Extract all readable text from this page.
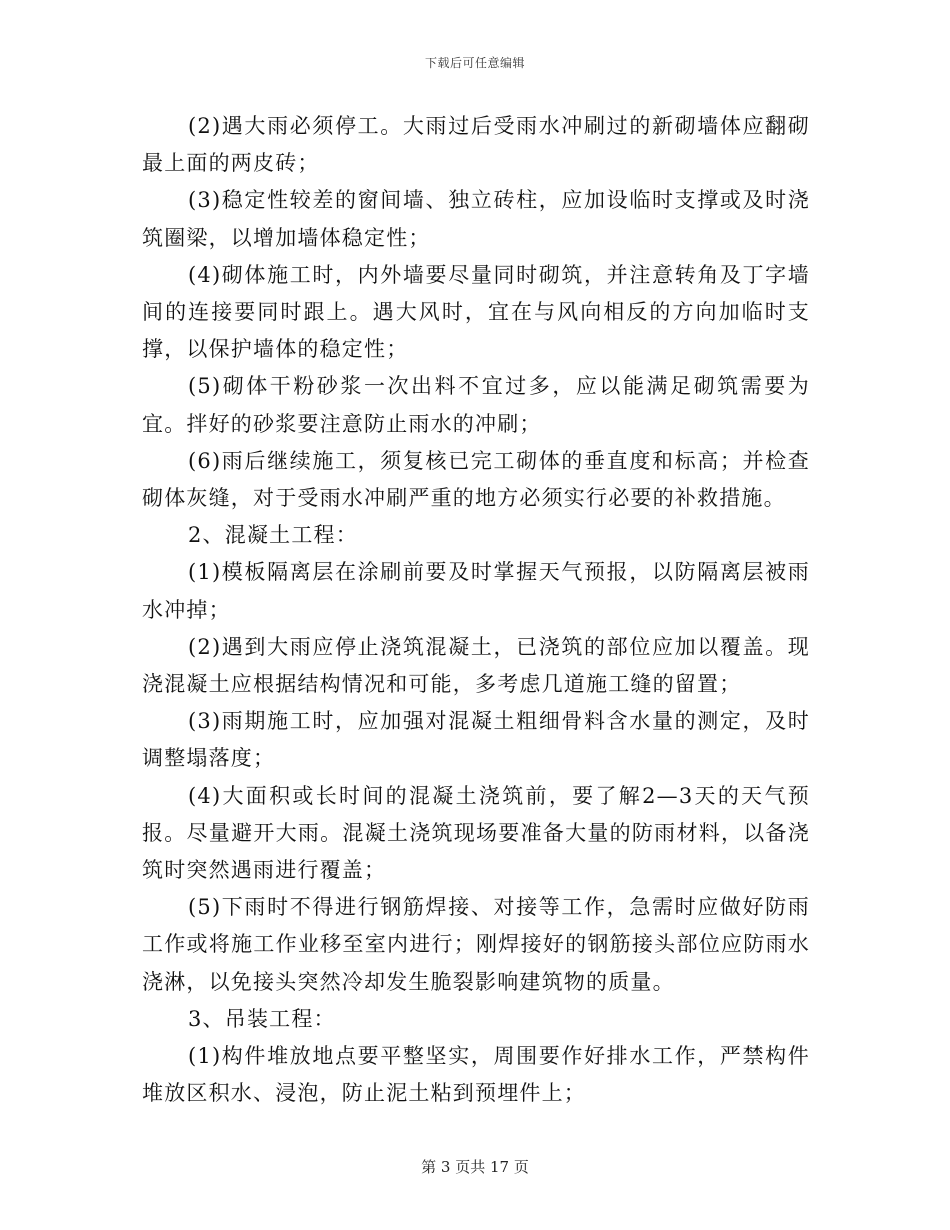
下载后可任意编辑

(2)遇大雨必须停工。大雨过后受雨水冲刷过的新砌墙体应翻砌最上面的两皮砖；

(3)稳定性较差的窗间墙、独立砖柱，应加设临时支撑或及时浇筑圈梁，以增加墙体稳定性；

(4)砌体施工时，内外墙要尽量同时砌筑，并注意转角及丁字墙间的连接要同时跟上。遇大风时，宜在与风向相反的方向加临时支撑，以保护墙体的稳定性；

(5)砌体干粉砂浆一次出料不宜过多，应以能满足砌筑需要为宜。拌好的砂浆要注意防止雨水的冲刷；

(6)雨后继续施工，须复核已完工砌体的垂直度和标高；并检查砌体灰缝，对于受雨水冲刷严重的地方必须实行必要的补救措施。

2、混凝土工程：

(1)模板隔离层在涂刷前要及时掌握天气预报，以防隔离层被雨水冲掉；

(2)遇到大雨应停止浇筑混凝土，已浇筑的部位应加以覆盖。现浇混凝土应根据结构情况和可能，多考虑几道施工缝的留置；

(3)雨期施工时，应加强对混凝土粗细骨料含水量的测定，及时调整塌落度；

(4)大面积或长时间的混凝土浇筑前，要了解2—3天的天气预报。尽量避开大雨。混凝土浇筑现场要准备大量的防雨材料，以备浇筑时突然遇雨进行覆盖；

(5)下雨时不得进行钢筋焊接、对接等工作，急需时应做好防雨工作或将施工作业移至室内进行；刚焊接好的钢筋接头部位应防雨水浇淋，以免接头突然冷却发生脆裂影响建筑物的质量。

3、吊装工程：

(1)构件堆放地点要平整坚实，周围要作好排水工作，严禁构件堆放区积水、浸泡，防止泥土粘到预埋件上；

第 3 页共 17 页
